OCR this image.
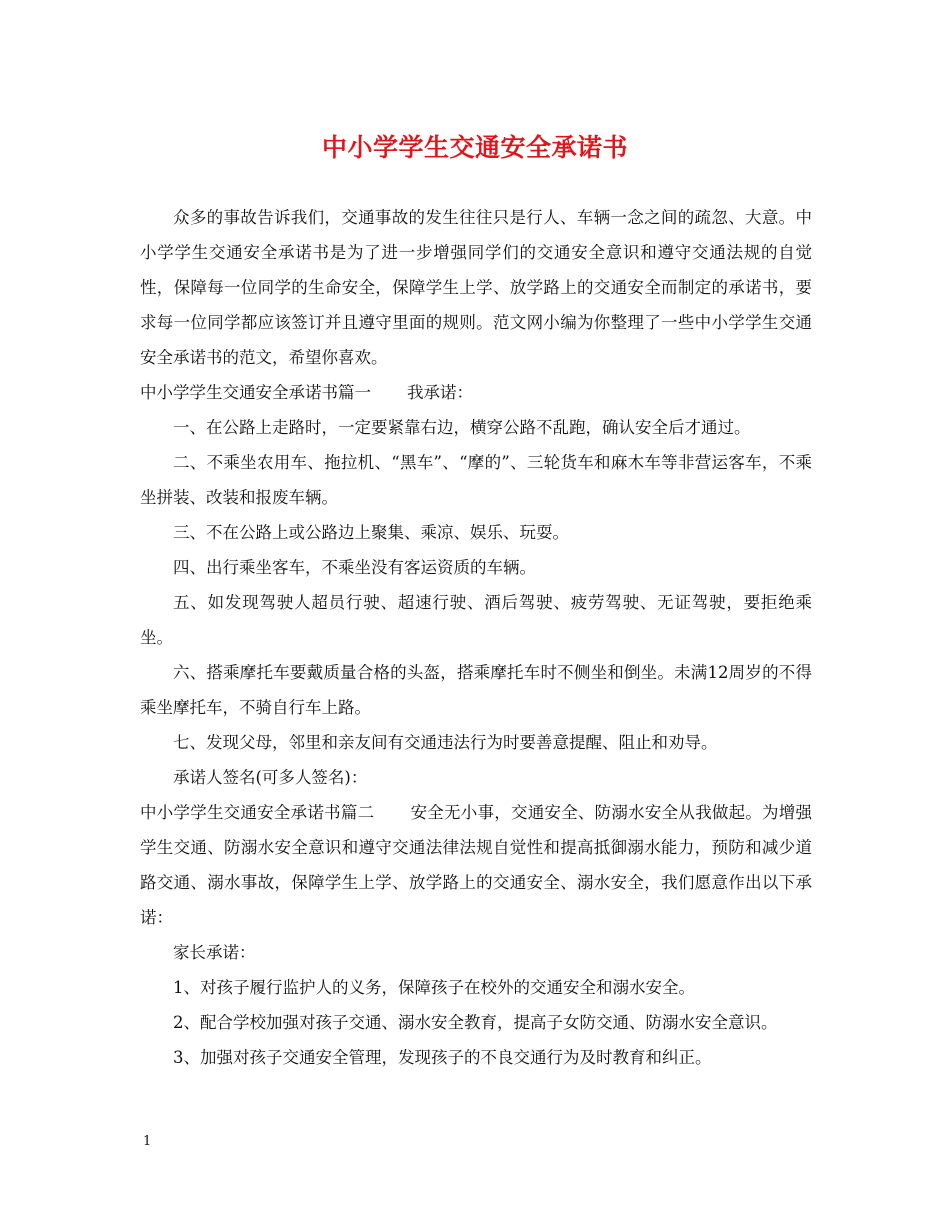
中小学学生交通安全承诺书

众多的事故告诉我们，交通事故的发生往往只是行人、车辆一念之间的疏忽、大意。中小学学生交通安全承诺书是为了进一步增强同学们的交通安全意识和遵守交通法规的自觉性，保障每一位同学的生命安全，保障学生上学、放学路上的交通安全而制定的承诺书，要求每一位同学都应该签订并且遵守里面的规则。范文网小编为你整理了一些中小学学生交通安全承诺书的范文，希望你喜欢。

中小学学生交通安全承诺书篇一 我承诺：

一、在公路上走路时，一定要紧靠右边，横穿公路不乱跑，确认安全后才通过。

二、不乘坐农用车、拖拉机、“黑车”、“摩的”、三轮货车和麻木车等非营运客车，不乘坐拼装、改装和报废车辆。

三、不在公路上或公路边上聚集、乘凉、娱乐、玩耍。

四、出行乘坐客车，不乘坐没有客运资质的车辆。

五、如发现驾驶人超员行驶、超速行驶、酒后驾驶、疲劳驾驶、无证驾驶，要拒绝乘坐。

六、搭乘摩托车要戴质量合格的头盔，搭乘摩托车时不侧坐和倒坐。未满12周岁的不得乘坐摩托车，不骑自行车上路。

七、发现父母，邻里和亲友间有交通违法行为时要善意提醒、阻止和劝导。

承诺人签名(可多人签名)：

中小学学生交通安全承诺书篇二 安全无小事，交通安全、防溺水安全从我做起。为增强学生交通、防溺水安全意识和遵守交通法律法规自觉性和提高抵御溺水能力，预防和减少道路交通、溺水事故，保障学生上学、放学路上的交通安全、溺水安全，我们愿意作出以下承诺：

家长承诺：

1、对孩子履行监护人的义务，保障孩子在校外的交通安全和溺水安全。

2、配合学校加强对孩子交通、溺水安全教育，提高子女防交通、防溺水安全意识。

3、加强对孩子交通安全管理，发现孩子的不良交通行为及时教育和纠正。

1
